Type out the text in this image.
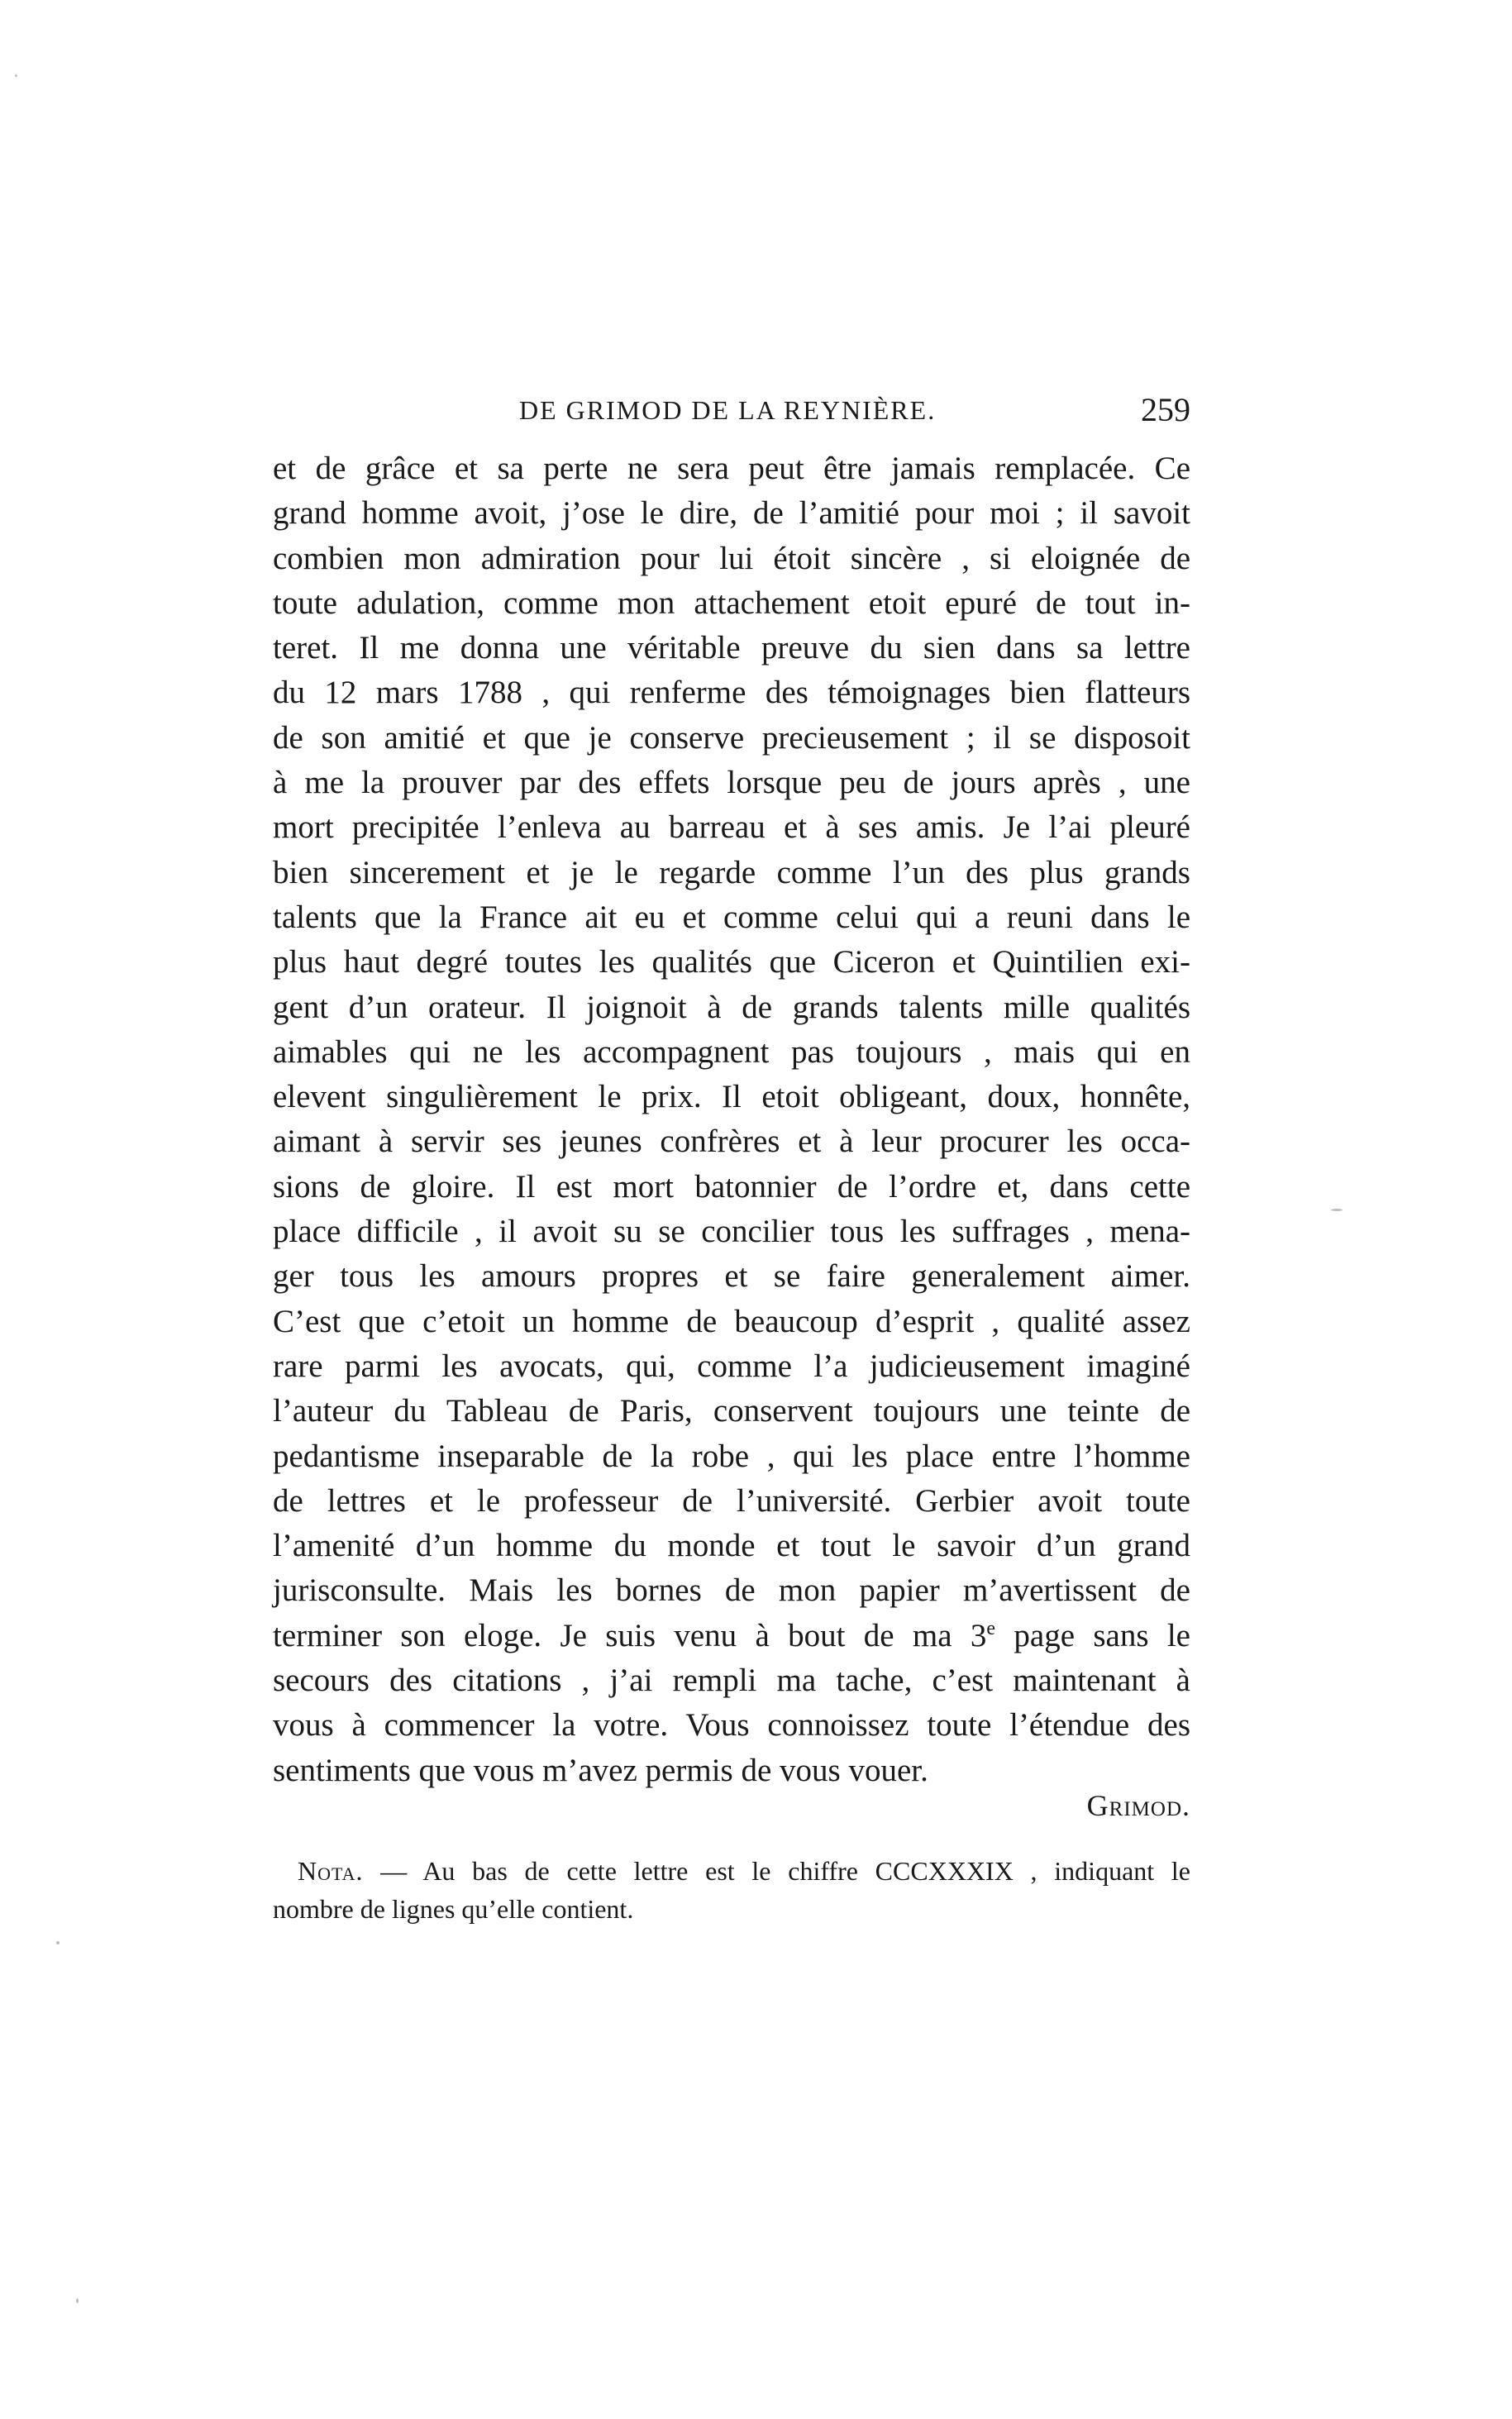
DE GRIMOD DE LA REYNIÈRE.	259
et de grâce et sa perte ne sera peut être jamais remplacée. Ce
grand homme avoit, j’ose le dire, de l’amitié pour moi ; il savoit
combien mon admiration pour lui étoit sincère , si eloignée de
toute adulation, comme mon attachement etoit epuré de tout in-
teret. Il me donna une véritable preuve du sien dans sa lettre
du 12 mars 1788 , qui renferme des témoignages bien flatteurs
de son amitié et que je conserve precieusement ; il se disposoit
à me la prouver par des effets lorsque peu de jours après , une
mort precipitée l’enleva au barreau et à ses amis. Je l’ai pleuré
bien sincerement et je le regarde comme l’un des plus grands
talents que la France ait eu et comme celui qui a reuni dans le
plus haut degré toutes les qualités que Ciceron et Quintilien exi-
gent d’un orateur. Il joignoit à de grands talents mille qualités
aimables qui ne les accompagnent pas toujours , mais qui en
elevent singulièrement le prix. Il etoit obligeant, doux, honnête,
aimant à servir ses jeunes confrères et à leur procurer les occa-
sions de gloire. Il est mort batonnier de l’ordre et, dans cette
place difficile , il avoit su se concilier tous les suffrages , mena-
ger tous les amours propres et se faire generalement aimer.
C’est que c’etoit un homme de beaucoup d’esprit , qualité assez
rare parmi les avocats, qui, comme l’a judicieusement imaginé
l’auteur du Tableau de Paris, conservent toujours une teinte de
pedantisme inseparable de la robe , qui les place entre l’homme
de lettres et le professeur de l’université. Gerbier avoit toute
l’amenité d’un homme du monde et tout le savoir d’un grand
jurisconsulte. Mais les bornes de mon papier m’avertissent de
terminer son eloge. Je suis venu à bout de ma 3e page sans le
secours des citations , j’ai rempli ma tache, c’est maintenant à
vous à commencer la votre. Vous connoissez toute l’étendue des
sentiments que vous m’avez permis de vous vouer.
Grimod.
Nota. — Au bas de cette lettre est le chiffre CCCXXXIX , indiquant le
nombre de lignes qu’elle contient.
